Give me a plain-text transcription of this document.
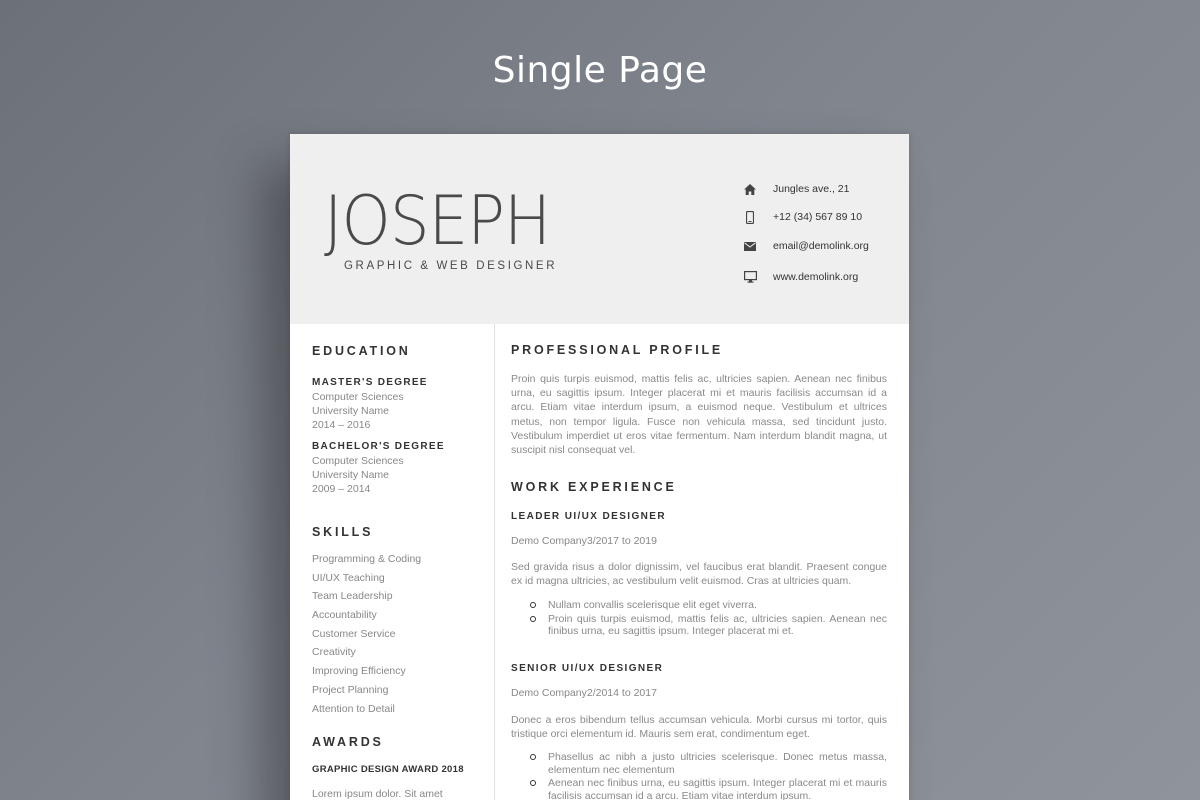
Single Page
JOSEPH
GRAPHIC & WEB DESIGNER
Jungles ave., 21
+12 (34) 567 89 10
email@demolink.org
www.demolink.org
EDUCATION
MASTER'S DEGREE
Computer Sciences
University Name
2014 – 2016
BACHELOR'S DEGREE
Computer Sciences
University Name
2009 – 2014
SKILLS
Programming & Coding
UI/UX Teaching
Team Leadership
Accountability
Customer Service
Creativity
Improving Efficiency
Project Planning
Attention to Detail
AWARDS
GRAPHIC DESIGN AWARD 2018
Lorem ipsum dolor. Sit amet
PROFESSIONAL PROFILE
Proin quis turpis euismod, mattis felis ac, ultricies sapien. Aenean nec finibus urna, eu sagittis ipsum. Integer placerat mi et mauris facilisis accumsan id a arcu. Etiam vitae interdum ipsum, a euismod neque. Vestibulum et ultrices metus, non tempor ligula. Fusce non vehicula massa, sed tincidunt justo. Vestibulum imperdiet ut eros vitae fermentum. Nam interdum blandit magna, ut suscipit nisl consequat vel.
WORK EXPERIENCE
LEADER UI/UX DESIGNER
Demo Company3/2017 to 2019
Sed gravida risus a dolor dignissim, vel faucibus erat blandit. Praesent congue ex id magna ultricies, ac vestibulum velit euismod. Cras at ultricies quam.
Nullam convallis scelerisque elit eget viverra.
Proin quis turpis euismod, mattis felis ac, ultricies sapien. Aenean nec finibus urna, eu sagittis ipsum. Integer placerat mi et.
SENIOR UI/UX DESIGNER
Demo Company2/2014 to 2017
Donec a eros bibendum tellus accumsan vehicula. Morbi cursus mi tortor, quis tristique orci elementum id. Mauris sem erat, condimentum eget.
Phasellus ac nibh a justo ultricies scelerisque. Donec metus massa, elementum nec elementum
Aenean nec finibus urna, eu sagittis ipsum. Integer placerat mi et mauris facilisis accumsan id a arcu. Etiam vitae interdum ipsum.
